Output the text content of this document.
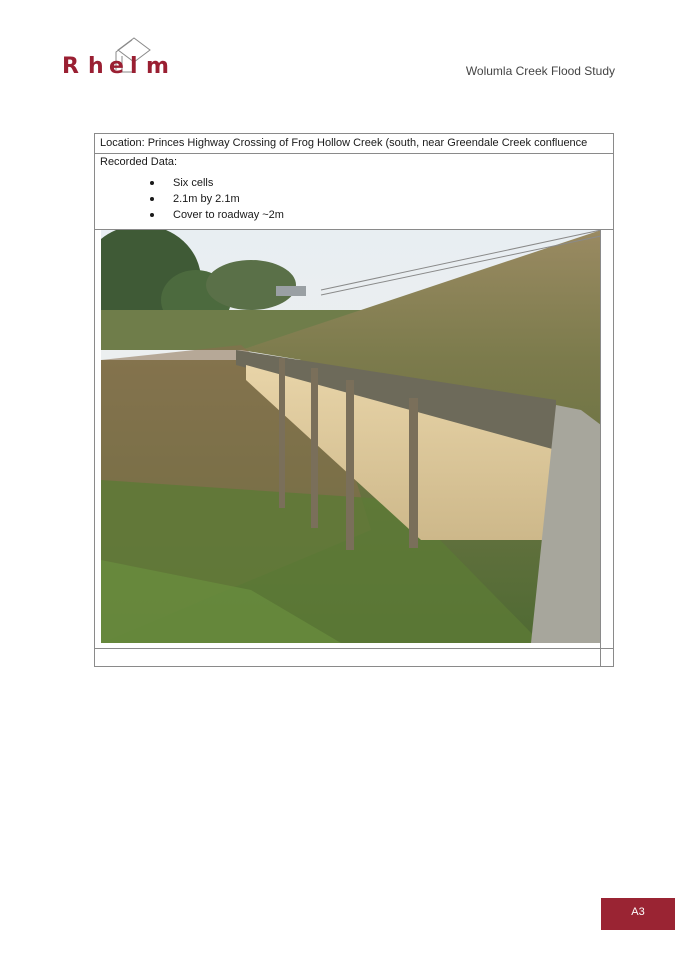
R h e l m	Wolumla Creek Flood Study
Location: Princes Highway Crossing of Frog Hollow Creek (south, near Greendale Creek confluence
Recorded Data:
Six cells
2.1m by 2.1m
Cover to roadway ~2m
A3
